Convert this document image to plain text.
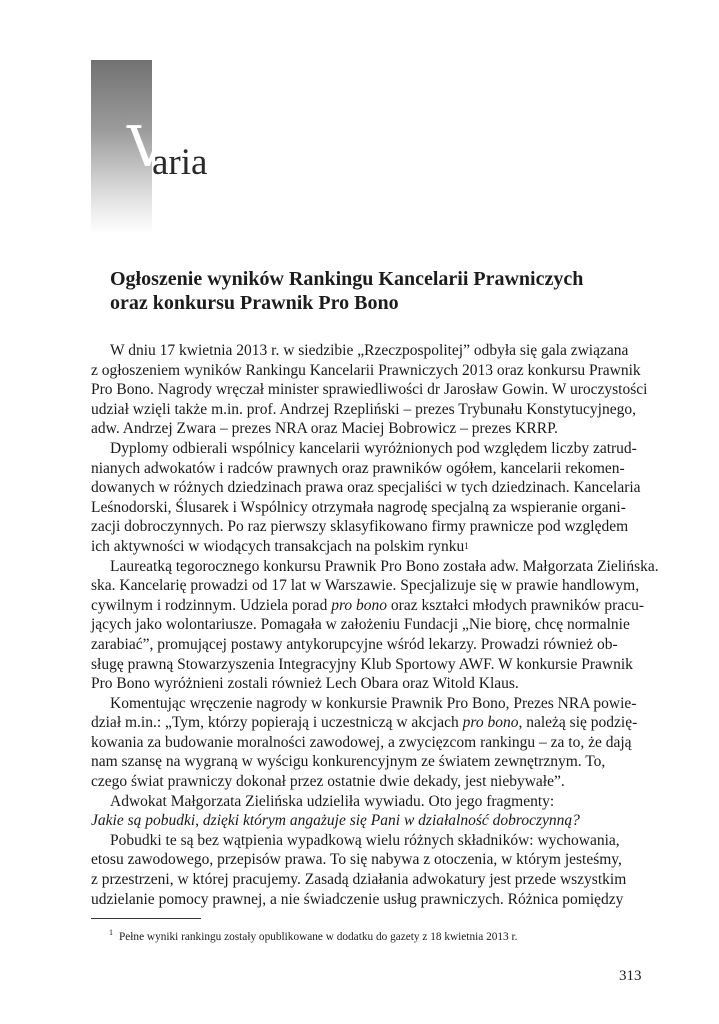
V
aria
Ogłoszenie wyników Rankingu Kancelarii Prawniczych
oraz konkursu Prawnik Pro Bono
W dniu 17 kwietnia 2013 r. w siedzibie „Rzeczpospolitej” odbyła się gala związana
z ogłoszeniem wyników Rankingu Kancelarii Prawniczych 2013 oraz konkursu Prawnik
Pro Bono. Nagrody wręczał minister sprawiedliwości dr Jarosław Gowin. W uroczystości
udział wzięli także m.in. prof. Andrzej Rzepliński – prezes Trybunału Konstytucyjnego,
adw. Andrzej Zwara – prezes NRA oraz Maciej Bobrowicz – prezes KRRP.
Dyplomy odbierali wspólnicy kancelarii wyróżnionych pod względem liczby zatrud-
nianych adwokatów i radców prawnych oraz prawników ogółem, kancelarii rekomen-
dowanych w różnych dziedzinach prawa oraz specjaliści w tych dziedzinach. Kancelaria
Leśnodorski, Ślusarek i Wspólnicy otrzymała nagrodę specjalną za wspieranie organi-
zacji dobroczynnych. Po raz pierwszy sklasyfikowano firmy prawnicze pod względem
ich aktywności w wiodących transakcjach na polskim rynku 1
Laureatką tegorocznego konkursu Prawnik Pro Bono została adw. Małgorzata Zielińska.
ska. Kancelarię prowadzi od 17 lat w Warszawie. Specjalizuje się w prawie handlowym,
cywilnym i rodzinnym. Udziela porad
pro bono
oraz kształci młodych prawników pracu-
jących jako wolontariusze. Pomagała w założeniu Fundacji „Nie biorę, chcę normalnie
zarabiać”, promującej postawy antykorupcyjne wśród lekarzy. Prowadzi również ob-
sługę prawną Stowarzyszenia Integracyjny Klub Sportowy AWF. W konkursie Prawnik
Pro Bono wyróżnieni zostali również Lech Obara oraz Witold Klaus.
Komentując wręczenie nagrody w konkursie Prawnik Pro Bono, Prezes NRA powie-
dział m.in.: „Tym, którzy popierają i uczestniczą w akcjach
pro bono , należą się podzię-
kowania za budowanie moralności zawodowej, a zwycięzcom rankingu – za to, że dają
nam szansę na wygraną w wyścigu konkurencyjnym ze światem zewnętrznym. To,
czego świat prawniczy dokonał przez ostatnie dwie dekady, jest niebywałe”.
Adwokat Małgorzata Zielińska udzieliła wywiadu. Oto jego fragmenty:
Jakie są pobudki, dzięki którym angażuje się Pani w działalność dobroczynną?
Pobudki te są bez wątpienia wypadkową wielu różnych składników: wychowania,
etosu zawodowego, przepisów prawa. To się nabywa z otoczenia, w którym jesteśmy,
z przestrzeni, w której pracujemy. Zasadą działania adwokatury jest przede wszystkim
udzielanie pomocy prawnej, a nie świadczenie usług prawniczych. Różnica pomiędzy
$^1$ Pełne wyniki rankingu zostały opublikowane w dodatku do gazety z 18 kwietnia 2013 r.
313
